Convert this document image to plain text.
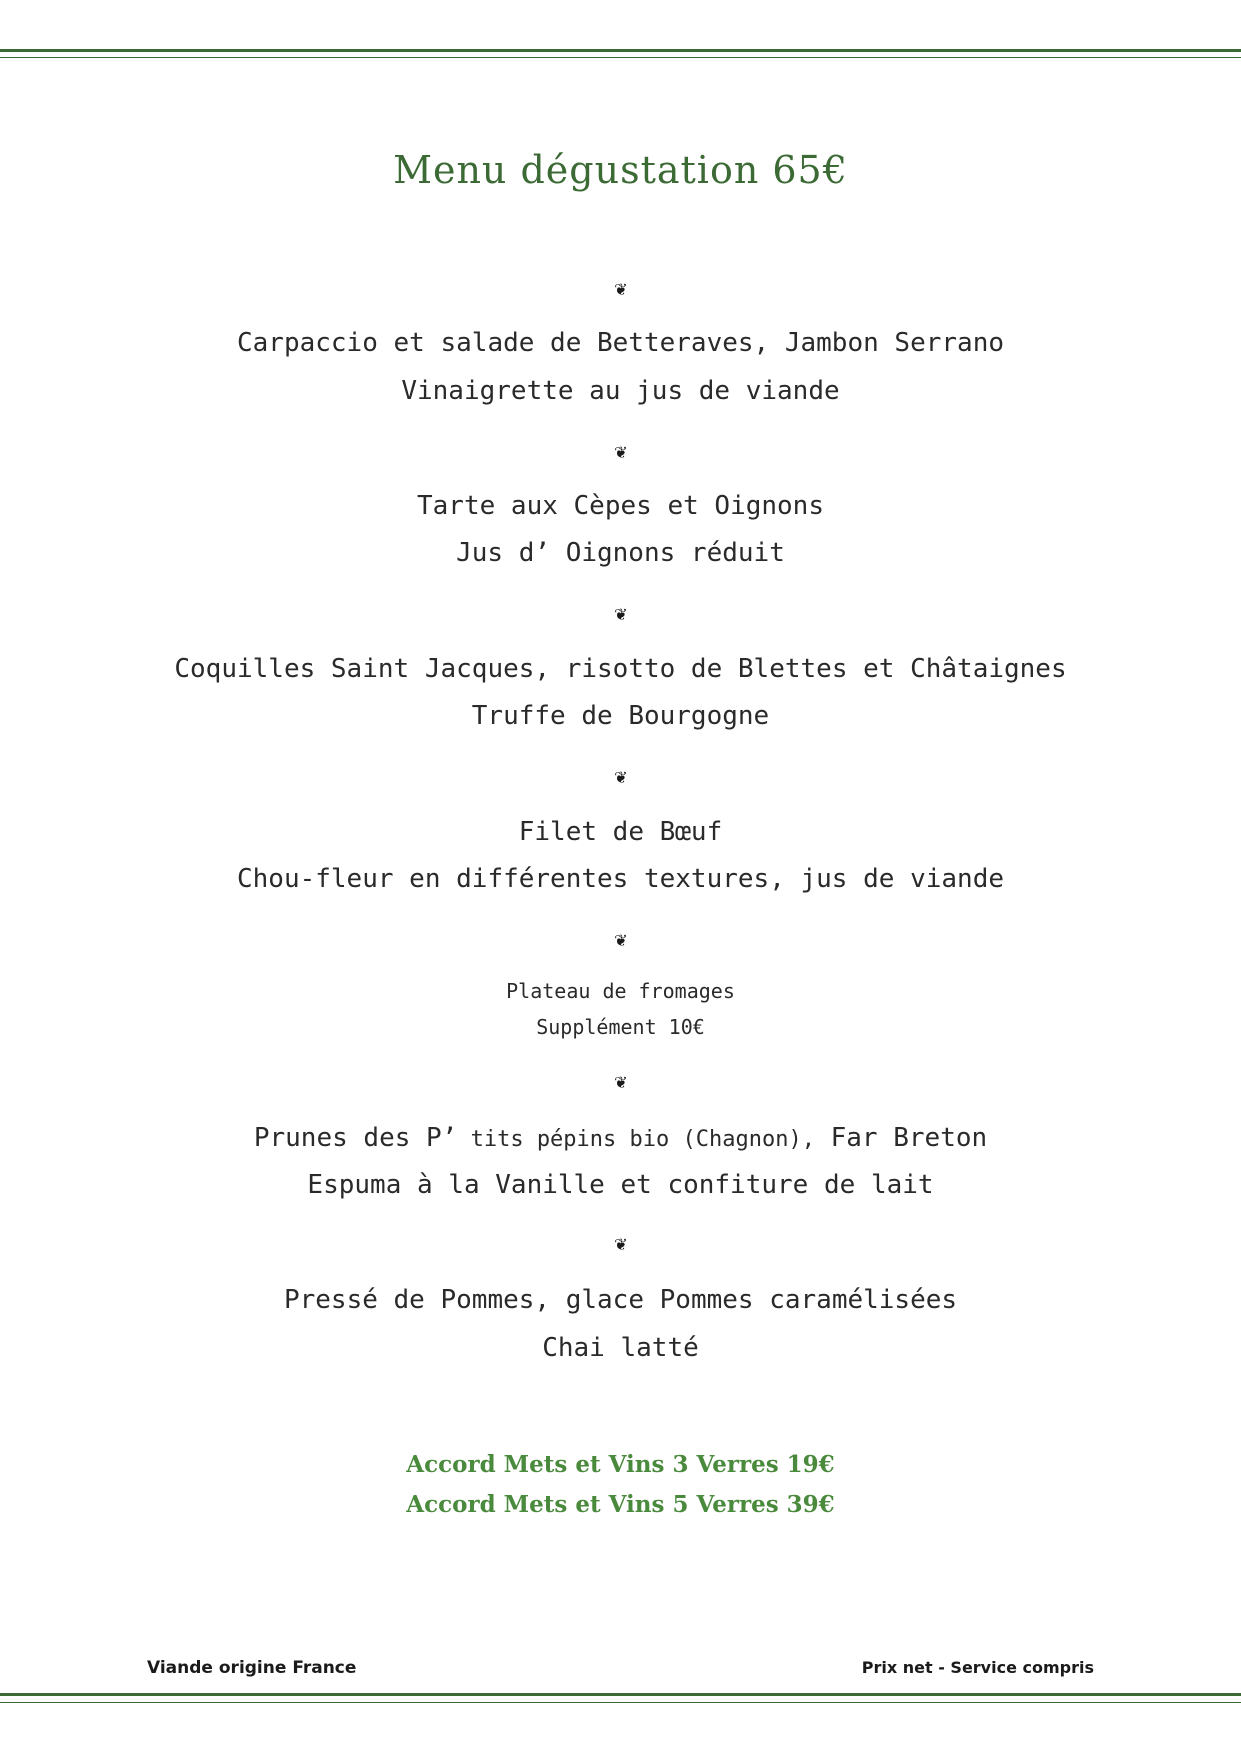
Menu dégustation 65€
❦
Carpaccio et salade de Betteraves, Jambon Serrano
Vinaigrette au jus de viande
❦
Tarte aux Cèpes et Oignons
Jus d’ Oignons réduit
❦
Coquilles Saint Jacques, risotto de Blettes et Châtaignes
Truffe de Bourgogne
❦
Filet de Bœuf
Chou-fleur en différentes textures, jus de viande
❦
Plateau de fromages
Supplément 10€
❦
Prunes des P’ tits pépins bio (Chagnon), Far Breton
Espuma à la Vanille et confiture de lait
❦
Pressé de Pommes, glace Pommes caramélisées
Chai latté
Accord Mets et Vins 3 Verres 19€
Accord Mets et Vins 5 Verres 39€
Viande origine France	Prix net - Service compris
